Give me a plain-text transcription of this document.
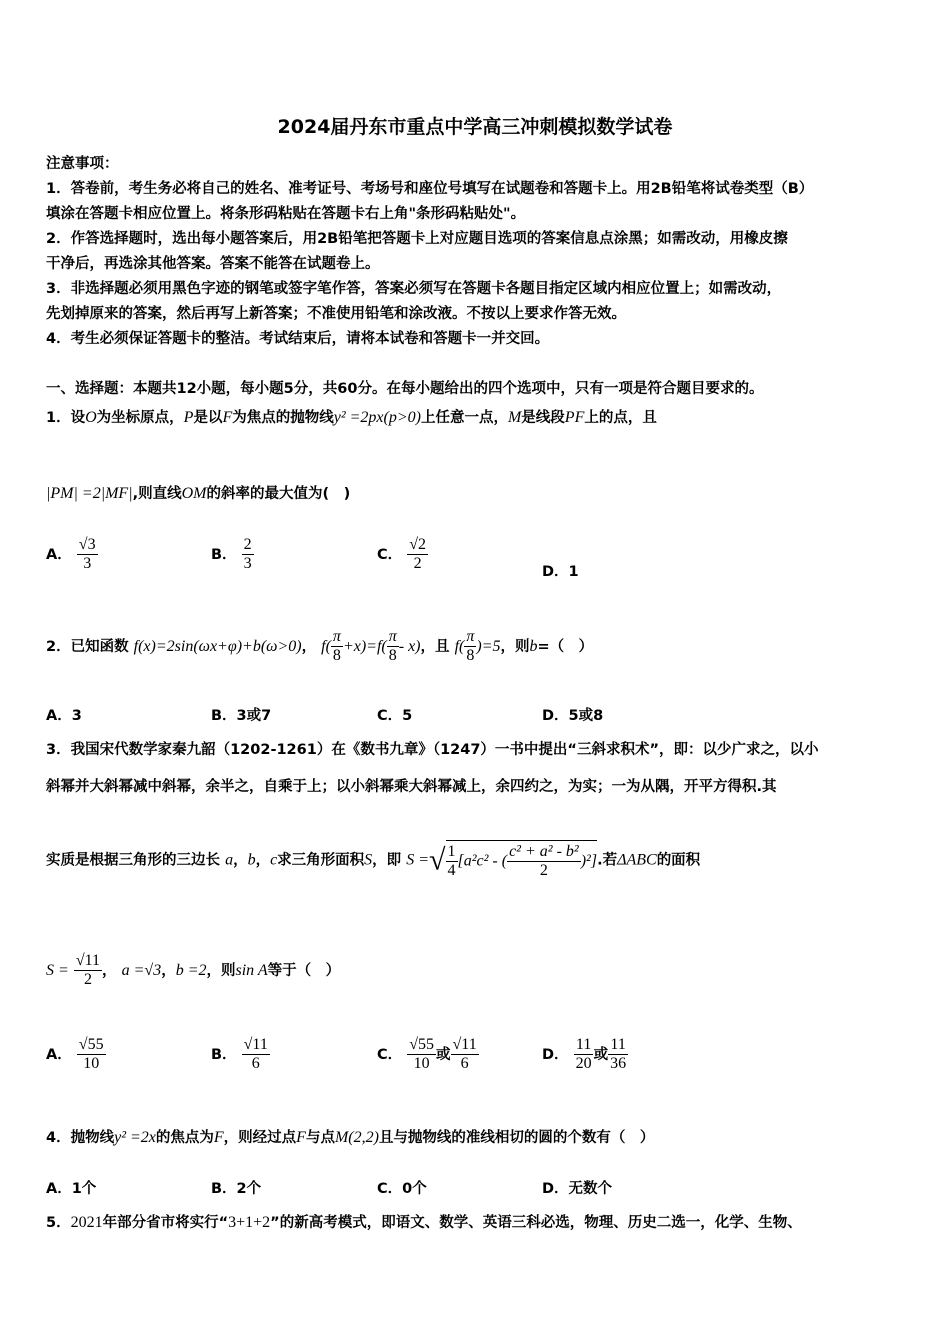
2024届丹东市重点中学高三冲刺模拟数学试卷
注意事项：
1．答卷前，考生务必将自己的姓名、准考证号、考场号和座位号填写在试题卷和答题卡上。用2B铅笔将试卷类型（B）
填涂在答题卡相应位置上。将条形码粘贴在答题卡右上角"条形码粘贴处"。
2．作答选择题时，选出每小题答案后，用2B铅笔把答题卡上对应题目选项的答案信息点涂黑；如需改动，用橡皮擦
干净后，再选涂其他答案。答案不能答在试题卷上。
3．非选择题必须用黑色字迹的钢笔或签字笔作答，答案必须写在答题卡各题目指定区域内相应位置上；如需改动，
先划掉原来的答案，然后再写上新答案；不准使用铅笔和涂改液。不按以上要求作答无效。
4．考生必须保证答题卡的整洁。考试结束后，请将本试卷和答题卡一并交回。
一、选择题：本题共12小题，每小题5分，共60分。在每小题给出的四个选项中，只有一项是符合题目要求的。
1．设O为坐标原点，P是以F为焦点的抛物线y² =2px(p>0)上任意一点，M是线段PF上的点，且
|PM| =2|MF|,则直线OM的斜率的最大值为(　)
A． $\frac{√3}{3}$	B． $\frac{2}{3}$	C． $\frac{√2}{2}$	D．1
2．已知函数 f(x)=2sin(ωx+φ)+b(ω>0)， $f( \frac{\pi}{8} +x)=f( \frac{\pi}{8} - x)$，且 $f( \frac{\pi}{8} )=5$，则b=（　）
A．3	B．3或7	C．5	D．5或8
3．我国宋代数学家秦九韶（1202-1261）在《数书九章》（1247）一书中提出“三斜求积术”，即：以少广求之，以小
斜幂并大斜幂减中斜幂，余半之，自乘于上；以小斜幂乘大斜幂减上，余四约之，为实；一为从隅，开平方得积.其
实质是根据三角形的三边长 a，b，c求三角形面积S，即 S =√ $\frac{1}{4} [a^2c^2$ - ( $\frac{\text{c² + a² - b²}}{2} )^2$].若ΔABC的面积
$S = \frac{√11}{2}$ ， a =√3，b =2，则sin A等于（　）
A． $\frac{√55}{10}$	B． $\frac{√11}{6}$	C． $\frac{√55}{10}$ 或 $\frac{√11}{6}$	D． $\frac{11}{20}$ 或 $\frac{11}{36}$
4．抛物线y² =2x的焦点为F，则经过点F与点M(2,2)且与抛物线的准线相切的圆的个数有（　）
A．1个	B．2个	C．0个	D．无数个
5．2021年部分省市将实行“3+1+2”的新高考模式，即语文、数学、英语三科必选，物理、历史二选一，化学、生物、
